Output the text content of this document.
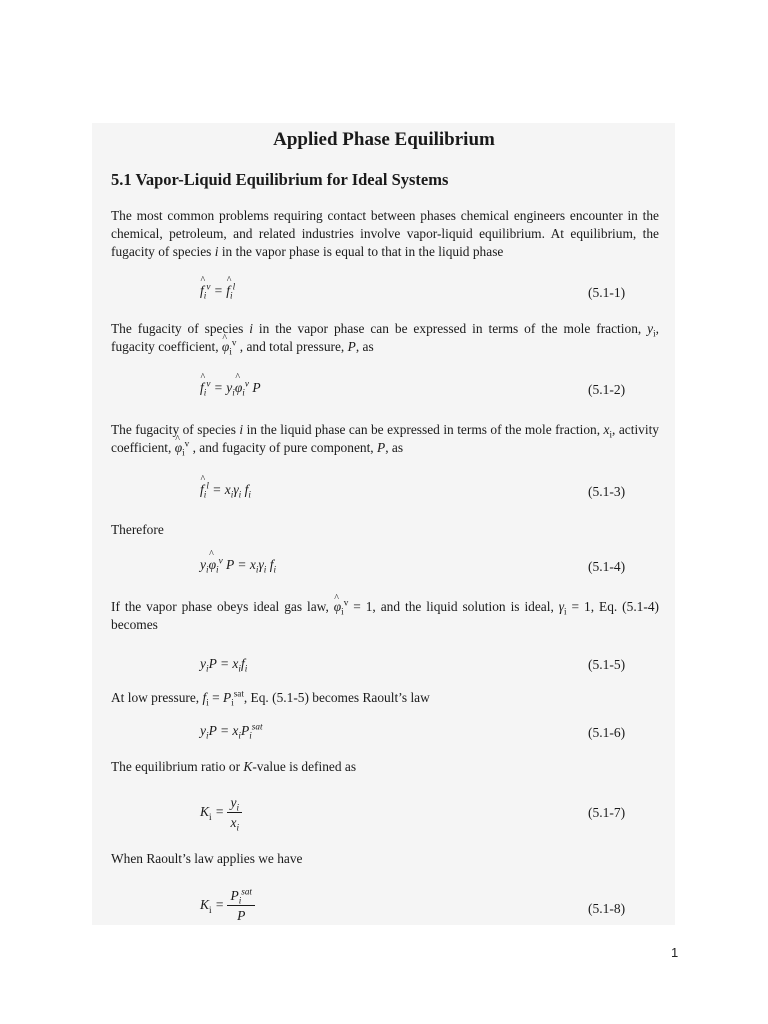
Applied Phase Equilibrium
5.1 Vapor-Liquid Equilibrium for Ideal Systems
The most common problems requiring contact between phases chemical engineers encounter in the chemical, petroleum, and related industries involve vapor-liquid equilibrium. At equilibrium, the fugacity of species i in the vapor phase is equal to that in the liquid phase
^ $f_i^v$ = ^ $f_i^l$	(5.1-1)
The fugacity of species i in the vapor phase can be expressed in terms of the mole fraction, $y_i$, fugacity coefficient, ^ $\varphi_i^v$ , and total pressure, P, as
^ $f_i^v$ = $y_i\^{}$ $\varphi_i^v$ P	(5.1-2)
The fugacity of species i in the liquid phase can be expressed in terms of the mole fraction, $x_i$, activity coefficient, ^ $\varphi_i^v$ , and fugacity of pure component, P, as
^ $f_i^l = x_i\gamma_i$ $f_i$	(5.1-3)
Therefore
$y_i\^{}$ $\varphi_i^v$ $P = x_i\gamma_i$ $f_i$	(5.1-4)
If the vapor phase obeys ideal gas law, ^ $\varphi_i^v = 1$, and the liquid solution is ideal, $\gamma_i = 1$, Eq. (5.1-4) becomes
$y_iP = x_if_i$	(5.1-5)
At low pressure, $f_i = P_i^{sat}$, Eq. (5.1-5) becomes Raoult’s law
$y_iP = x_iP_i^{sat}$	(5.1-6)
The equilibrium ratio or K-value is defined as
$K_i = \frac{y_i}{x_i}$	(5.1-7)
When Raoult’s law applies we have
$K_i = \frac{P_i^{sat}}{P}$	(5.1-8)
1
